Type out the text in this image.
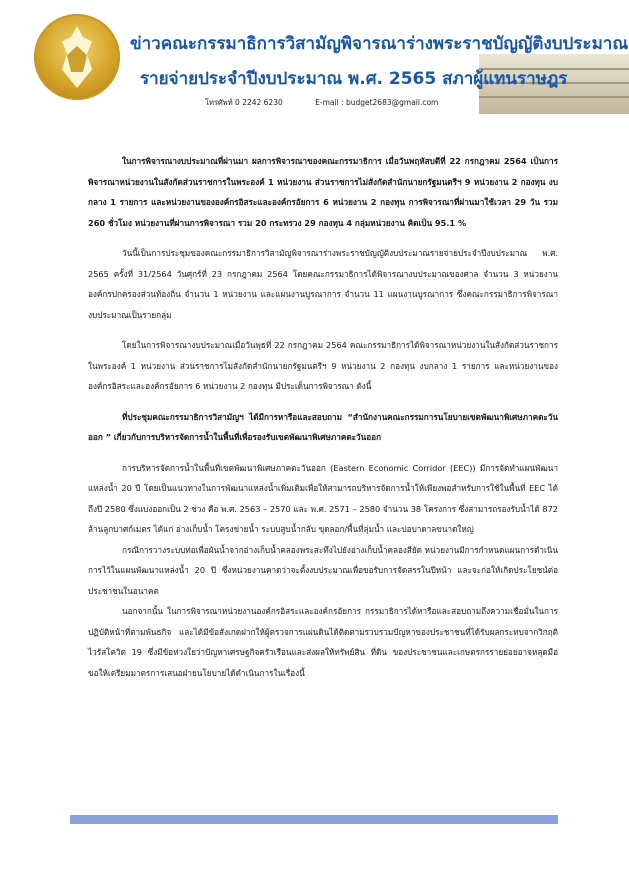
ข่าวคณะกรรมาธิการวิสามัญพิจารณาร่างพระราชบัญญัติงบประมาณ
รายจ่ายประจำปีงบประมาณ พ.ศ. 2565 สภาผู้แทนราษฎร
โทรศัพท์ 0 2242 6230	E-mail : budget2683@gmail.com

ในการพิจารณางบประมาณที่ผ่านมา ผลการพิจารณาของคณะกรรมาธิการ เมื่อวันพฤหัสบดีที่ 22 กรกฎาคม 2564 เป็นการพิจารณาหน่วยงานในสังกัดส่วนราชการในพระองค์ 1 หน่วยงาน ส่วนราชการไม่สังกัดสำนักนายกรัฐมนตรีฯ 9 หน่วยงาน 2 กองทุน งบกลาง 1 รายการ และหน่วยงานขององค์กรอิสระและองค์กรอัยการ 6 หน่วยงาน 2 กองทุน การพิจารณาที่ผ่านมาใช้เวลา 29 วัน รวม 260 ชั่วโมง หน่วยงานที่ผ่านการพิจารณา รวม 20 กระทรวง 29 กองทุน 4 กลุ่มหน่วยงาน คิดเป็น 95.1 %

วันนี้เป็นการประชุมของคณะกรรมาธิการวิสามัญพิจารณาร่างพระราชบัญญัติงบประมาณรายจ่ายประจำปีงบประมาณ พ.ศ. 2565 ครั้งที่ 31/2564 วันศุกร์ที่ 23 กรกฎาคม 2564 โดยคณะกรรมาธิการได้พิจารณางบประมาณของศาล จำนวน 3 หน่วยงาน องค์กรปกครองส่วนท้องถิ่น จำนวน 1 หน่วยงาน และแผนงานบูรณาการ จำนวน 11 แผนงานบูรณาการ ซึ่งคณะกรรมาธิการพิจารณางบประมาณเป็นรายกลุ่ม

โดยในการพิจารณางบประมาณเมื่อวันพุธที่ 22 กรกฎาคม 2564 คณะกรรมาธิการได้พิจารณาหน่วยงานในสังกัดส่วนราชการในพระองค์ 1 หน่วยงาน ส่วนราชการไม่สังกัดสำนักนายกรัฐมนตรีฯ 9 หน่วยงาน 2 กองทุน งบกลาง 1 รายการ และหน่วยงานขององค์กรอิสระและองค์กรอัยการ 6 หน่วยงาน 2 กองทุน มีประเด็นการพิจารณา ดังนี้

ที่ประชุมคณะกรรมาธิการวิสามัญฯ ได้มีการหารือและสอบถาม “สำนักงานคณะกรรมการนโยบายเขตพัฒนาพิเศษภาคตะวันออก ” เกี่ยวกับการบริหารจัดการน้ำในพื้นที่เพื่อรองรับเขตพัฒนาพิเศษภาคตะวันออก

การบริหารจัดการน้ำในพื้นที่เขตพัฒนาพิเศษภาคตะวันออก (Eastern Economic Corridor (EEC)) มีการจัดทำแผนพัฒนาแหล่งน้ำ 20 ปี โดยเป็นแนวทางในการพัฒนาแหล่งน้ำเพิ่มเติมเพื่อให้สามารถบริหารจัดการน้ำให้เพียงพอสำหรับการใช้ในพื้นที่ EEC ได้ถึงปี 2580 ซึ่งแบ่งออกเป็น 2 ช่วง คือ พ.ศ. 2563 – 2570 และ พ.ศ. 2571 – 2580 จำนวน 38 โครงการ ซึ่งสามารถรองรับน้ำได้ 872 ล้านลูกบาศก์เมตร ได้แก่ อ่างเก็บน้ำ โครงข่ายน้ำ ระบบสูบน้ำกลับ ขุดลอก/พื้นที่ลุ่มน้ำ และบ่อบาดาลขนาดใหญ่

กรณีการวางระบบท่อเพื่อผันน้ำจากอ่างเก็บน้ำคลองพระสะทึงไปยังอ่างเก็บน้ำคลองสียัด หน่วยงานมีการกำหนดแผนการดำเนินการไว้ในแผนพัฒนาแหล่งน้ำ 20 ปี ซึ่งหน่วยงานคาดว่าจะตั้งงบประมาณเพื่อขอรับการจัดสรรในปีหน้า และจะก่อให้เกิดประโยชน์ต่อประชาชนในอนาคต

นอกจากนั้น ในการพิจารณาหน่วยงานองค์กรอิสระและองค์กรอัยการ กรรมาธิการได้หารือและสอบถามถึงความเชื่อมั่นในการปฏิบัติหน้าที่ตามพันธกิจ และได้มีข้อสังเกตฝากให้ผู้ตรวจการแผ่นดินได้ติดตามรวบรวมปัญหาของประชาชนที่ได้รับผลกระทบจากวิกฤติไวรัสโควิด 19 ซึ่งมีข้อห่วงใยว่าปัญหาเศรษฐกิจครัวเรือนและส่งผลให้ทรัพย์สิน ที่ดิน ของประชาชนและเกษตรกรรายย่อยอาจหลุดมือ ขอให้เตรียมมาตรการเสนอฝ่ายนโยบายได้ดำเนินการในเรื่องนี้
